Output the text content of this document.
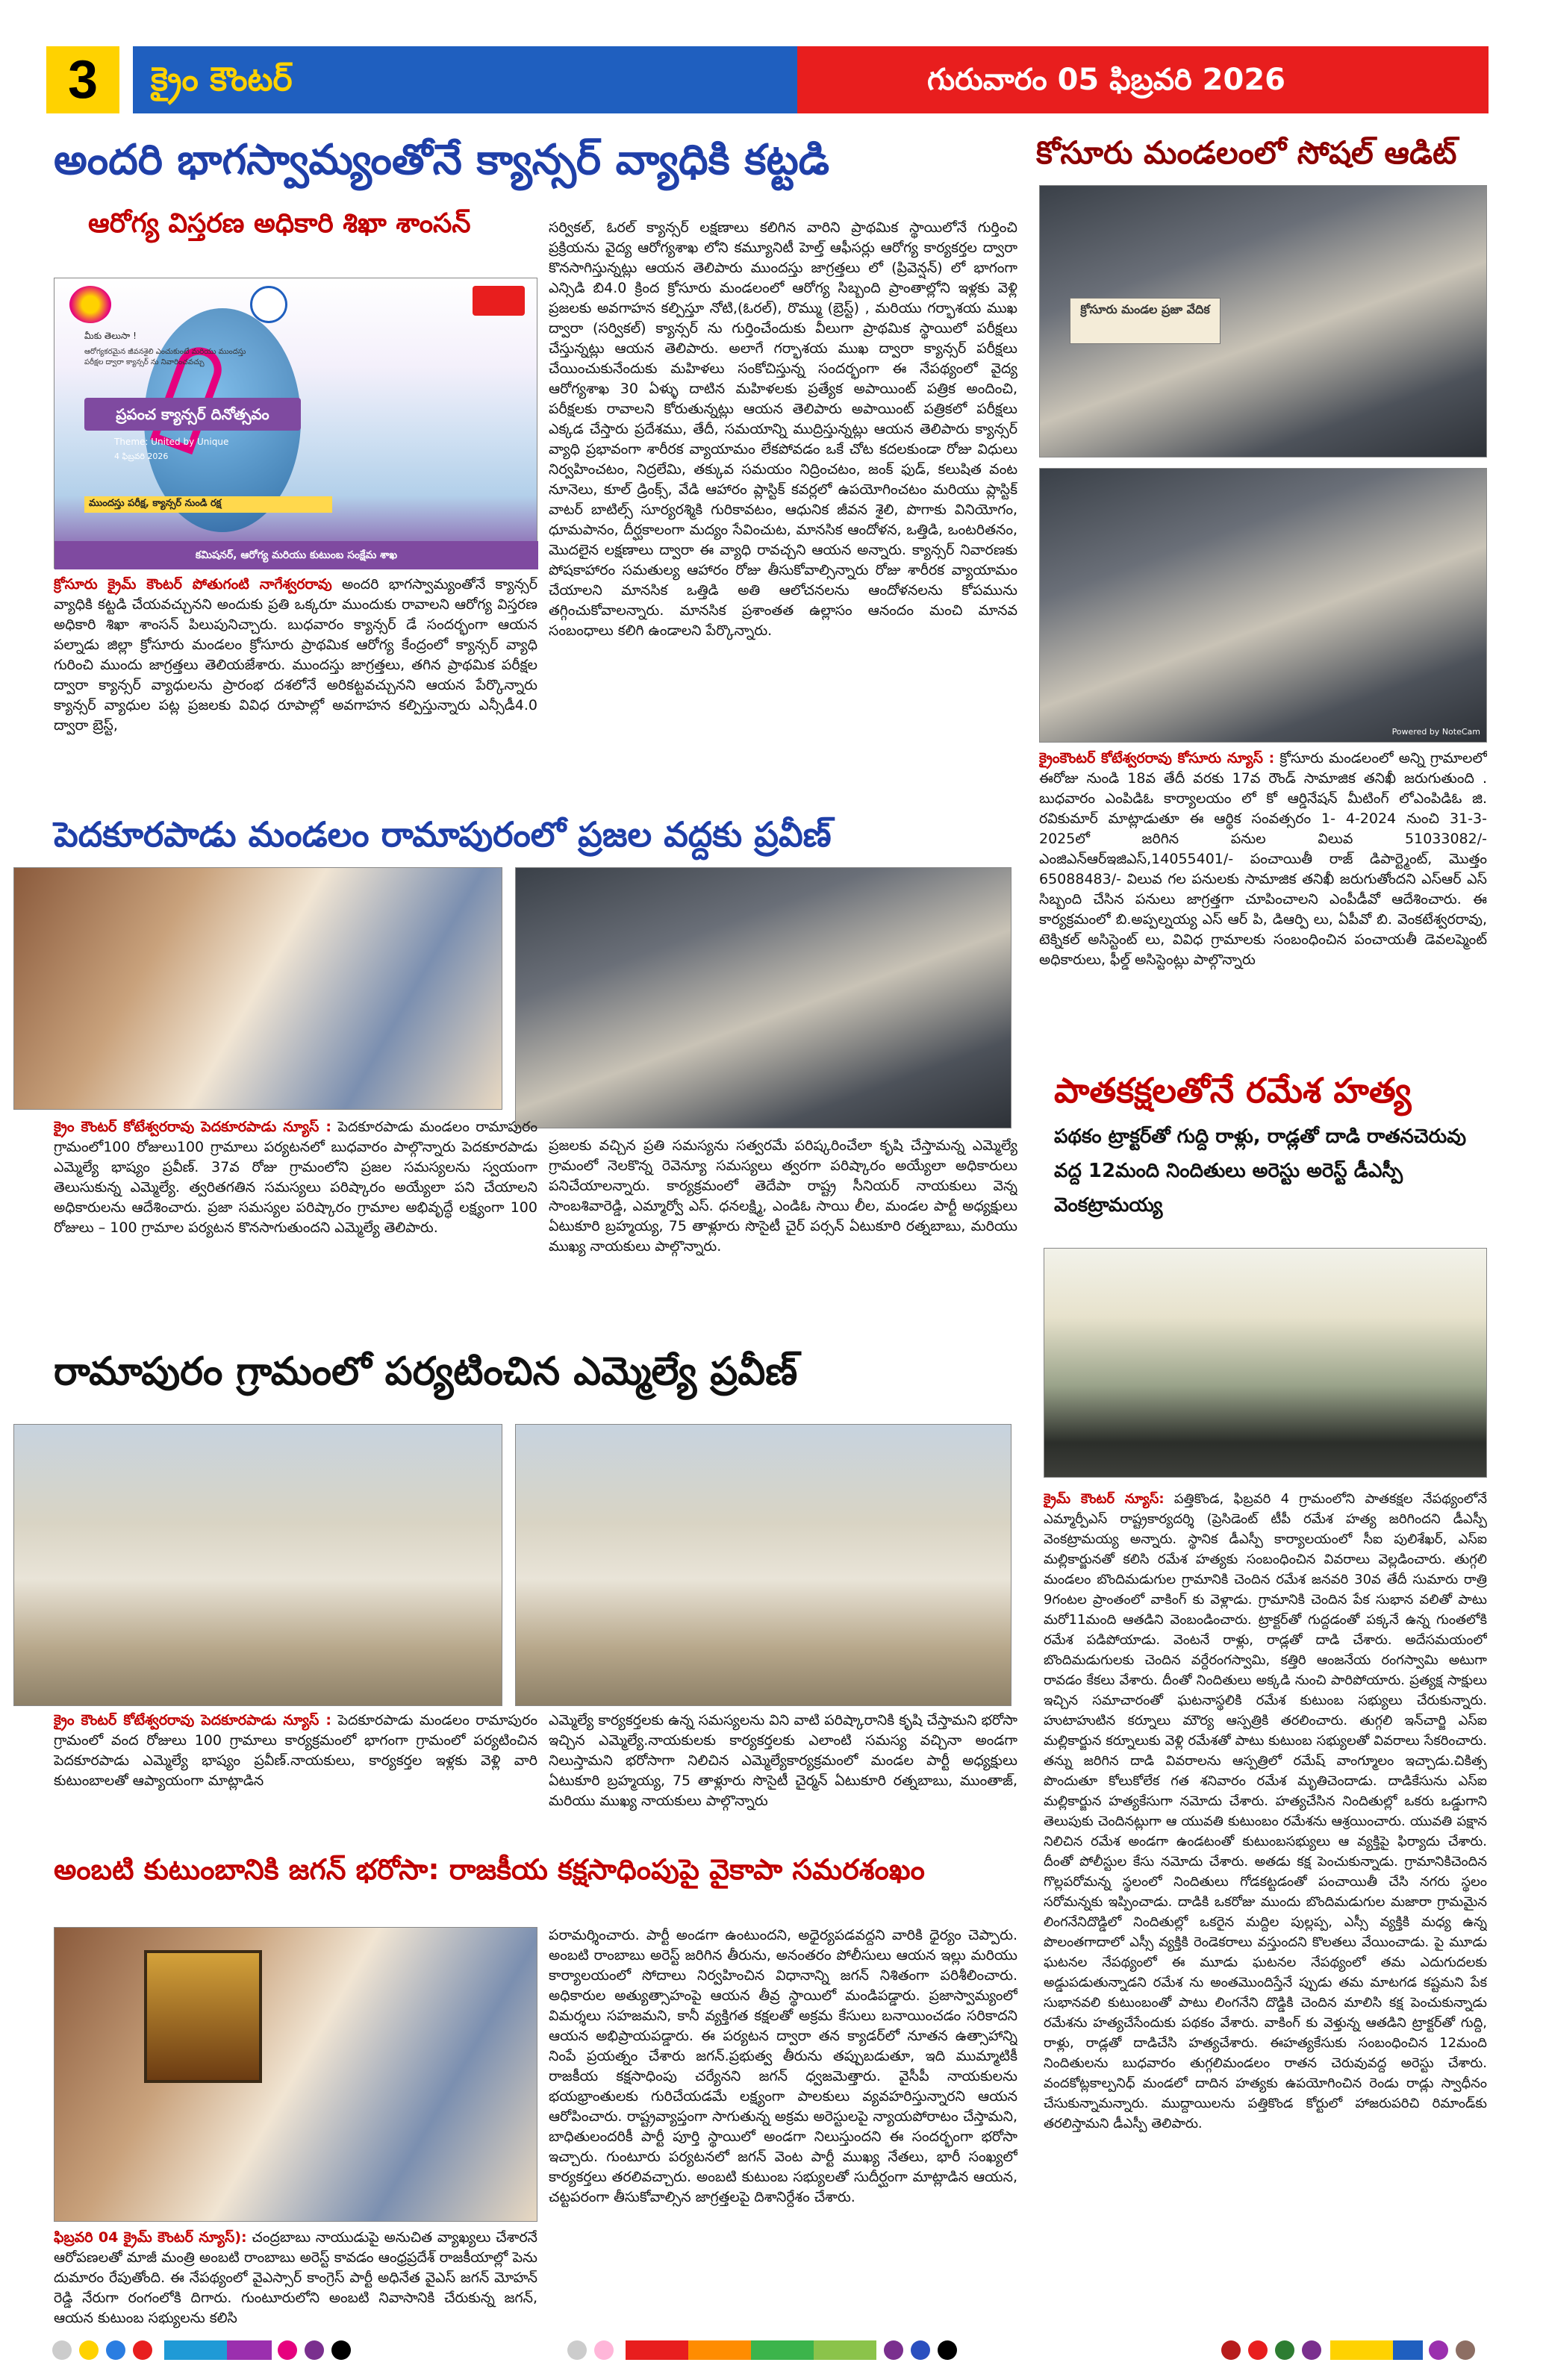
3	క్రైం కౌంటర్	గురువారం 05 ఫిబ్రవరి 2026
అందరి భాగస్వామ్యంతోనే క్యాన్సర్ వ్యాధికి కట్టడి
ఆరోగ్య విస్తరణ అధికారి శిఖా శాంసన్
మీకు తెలుసా !
ఆరోగ్యకరమైన జీవనశైలి ఎంచుకుంటే మరియు ముందస్తు పరీక్షల ద్వారా క్యాన్సర్ ను నివారించవచ్చు
ప్రపంచ క్యాన్సర్ దినోత్సవం
Theme: United by Unique
4 ఫిబ్రవరి 2026
ముందస్తు పరీక్ష, క్యాన్సర్ నుండి రక్ష
కమిషనర్, ఆరోగ్య మరియు కుటుంబ సంక్షేమ శాఖ
క్రోసూరు క్రైమ్ కౌంటర్ పోతుగంటి నాగేశ్వరరావు అందరి భాగస్వామ్యంతోనే క్యాన్సర్ వ్యాధికి కట్టడి చేయవచ్చునని అందుకు ప్రతి ఒక్కరూ ముందుకు రావాలని ఆరోగ్య విస్తరణ అధికారి శిఖా శాంసన్ పిలుపునిచ్చారు. బుధవారం క్యాన్సర్ డే సందర్భంగా ఆయన పల్నాడు జిల్లా క్రోసూరు మండలం క్రోసూరు ప్రాథమిక ఆరోగ్య కేంద్రంలో క్యాన్సర్ వ్యాధి గురించి ముందు జాగ్రత్తలు తెలియజేశారు. ముందస్తు జాగ్రత్తలు, తగిన ప్రాథమిక పరీక్షల ద్వారా క్యాన్సర్ వ్యాధులను ప్రారంభ దశలోనే అరికట్టవచ్చునని ఆయన పేర్కొన్నారు క్యాన్సర్ వ్యాధుల పట్ల ప్రజలకు వివిధ రూపాల్లో అవగాహన కల్పిస్తున్నారు ఎన్సీడీ4.0 ద్వారా బ్రెస్ట్,
సర్వికల్, ఓరల్ క్యాన్సర్ లక్షణాలు కలిగిన వారిని ప్రాథమిక స్థాయిలోనే గుర్తించి ప్రక్రియను వైద్య ఆరోగ్యశాఖ లోని కమ్యూనిటీ హెల్త్ ఆఫీసర్లు ఆరోగ్య కార్యకర్తల ద్వారా కొనసాగిస్తున్నట్లు ఆయన తెలిపారు ముందస్తు జాగ్రత్తలు లో (ప్రివెన్షన్) లో భాగంగా ఎన్సిడి బి4.0 క్రింద క్రోసూరు మండలంలో ఆరోగ్య సిబ్బంది ప్రాంతాల్లోని ఇళ్లకు వెళ్లి ప్రజలకు అవగాహన కల్పిస్తూ నోటి,(ఓరల్), రొమ్ము (బ్రెస్ట్) , మరియు గర్భాశయ ముఖ ద్వారా (సర్వికల్) క్యాన్సర్ ను గుర్తించేందుకు వీలుగా ప్రాథమిక స్థాయిలో పరీక్షలు చేస్తున్నట్లు ఆయన తెలిపారు. అలాగే గర్భాశయ ముఖ ద్వారా క్యాన్సర్ పరీక్షలు చేయించుకునేందుకు మహిళలు సంకోచిస్తున్న సందర్భంగా ఈ నేపథ్యంలో వైద్య ఆరోగ్యశాఖ 30 ఏళ్ళు దాటిన మహిళలకు ప్రత్యేక అపాయింట్ పత్రిక అందించి, పరీక్షలకు రావాలని కోరుతున్నట్లు ఆయన తెలిపారు అపాయింట్ పత్రికలో పరీక్షలు ఎక్కడ చేస్తారు ప్రదేశము, తేదీ, సమయాన్ని ముద్రిస్తున్నట్లు ఆయన తెలిపారు క్యాన్సర్ వ్యాధి ప్రభావంగా శారీరక వ్యాయామం లేకపోవడం ఒకే చోట కదలకుండా రోజు విధులు నిర్వహించటం, నిద్రలేమి, తక్కువ సమయం నిద్రించటం, జంక్ ఫుడ్, కలుషిత వంట నూనెలు, కూల్ డ్రింక్స్, వేడి ఆహారం ప్లాస్టిక్ కవర్లలో ఉపయోగించటం మరియు ప్లాస్టిక్ వాటర్ బాటిల్స్ సూర్యరశ్మికి గురికావటం, ఆధునిక జీవన శైలి, పొగాకు వినియోగం, ధూమపానం, దీర్ఘకాలంగా మద్యం సేవించుట, మానసిక ఆందోళన, ఒత్తిడి, ఒంటరితనం, మొదలైన లక్షణాలు ద్వారా ఈ వ్యాధి రావచ్చని ఆయన అన్నారు. క్యాన్సర్ నివారణకు పోషకాహారం సమతుల్య ఆహారం రోజు తీసుకోవాల్సిన్నారు రోజు శారీరక వ్యాయామం చేయాలని మానసిక ఒత్తిడి అతి ఆలోచనలను ఆందోళనలను కోపమును తగ్గించుకోవాలన్నారు. మానసిక ప్రశాంతత ఉల్లాసం ఆనందం మంచి మానవ సంబంధాలు కలిగి ఉండాలని పేర్కొన్నారు.
కోసూరు మండలంలో సోషల్ ఆడిట్
క్రోసూరు మండల ప్రజా వేదిక
Powered by NoteCam
క్రైంకౌంటర్ కోటేశ్వరరావు కోసూరు న్యూస్ : క్రోసూరు మండలంలో అన్ని గ్రామాలలో ఈరోజు నుండి 18వ తేదీ వరకు 17వ రౌండ్ సామాజిక తనిఖీ జరుగుతుంది . బుధవారం ఎంపిడిఓ కార్యాలయం లో కో ఆర్డినేషన్ మీటింగ్ లోఎంపిడిఓ జి. రవికుమార్ మాట్లాడుతూ ఈ ఆర్థిక సంవత్సరం 1- 4-2024 నుంచి 31-3-2025లో జరిగిన పనుల విలువ 51033082/- ఎంజిఎన్ఆర్ఇజిఎస్,14055401/- పంచాయితీ రాజ్ డిపార్ట్మెంట్, మొత్తం 65088483/- విలువ గల పనులకు సామాజిక తనిఖీ జరుగుతోందని ఎస్ఆర్ ఎస్ సిబ్బంది చేసిన పనులు జాగ్రత్తగా చూపించాలని ఎంపీడీవో ఆదేశించారు. ఈ కార్యక్రమంలో బి.అప్పల్నయ్య ఎస్ ఆర్ పి, డిఆర్పి లు, ఏపీవో బి. వెంకటేశ్వరరావు, టెక్నికల్ అసిస్టెంట్ లు, వివిధ గ్రామాలకు సంబంధించిన పంచాయతీ డెవలప్మెంట్ అధికారులు, ఫీల్డ్ అసిస్టెంట్లు పాల్గొన్నారు
పెదకూరపాడు మండలం రామాపురంలో ప్రజల వద్దకు ప్రవీణ్
క్రైం కౌంటర్ కోటేశ్వరరావు పెదకూరపాడు న్యూస్ : పెదకూరపాడు మండలం రామాపురం గ్రామంలో100 రోజులు100 గ్రామాలు పర్యటనలో బుధవారం పాల్గొన్నారు పెదకూరపాడు ఎమ్మెల్యే భాష్యం ప్రవీణ్. 37వ రోజు గ్రామంలోని ప్రజల సమస్యలను స్వయంగా తెలుసుకున్న ఎమ్మెల్యే. త్వరితగతిన సమస్యలు పరిష్కారం అయ్యేలా పని చేయాలని అధికారులను ఆదేశించారు. ప్రజా సమస్యల పరిష్కారం గ్రామాల అభివృద్ధే లక్ష్యంగా 100 రోజులు – 100 గ్రామాల పర్యటన కొనసాగుతుందని ఎమ్మెల్యే తెలిపారు.
ప్రజలకు వచ్చిన ప్రతి సమస్యను సత్వరమే పరిష్కరించేలా కృషి చేస్తామన్న ఎమ్మెల్యే గ్రామంలో నెలకొన్న రెవెన్యూ సమస్యలు త్వరగా పరిష్కారం అయ్యేలా అధికారులు పనిచేయాలన్నారు. కార్యక్రమంలో తెదేపా రాష్ట్ర సీనియర్ నాయకులు వెన్న సాంబశివారెడ్డి, ఎమ్మార్వో ఎస్. ధనలక్ష్మి, ఎండిఓ సాయి లీల, మండల పార్టీ అధ్యక్షులు ఏటుకూరి బ్రహ్మయ్య, 75 తాళ్లూరు సొసైటీ చైర్ పర్సన్ ఏటుకూరి రత్నబాబు, మరియు ముఖ్య నాయకులు పాల్గొన్నారు.
పాతకక్షలతోనే రమేశ హత్య
పథకం ట్రాక్టర్‌తో గుద్ది రాళ్లు, రాడ్లతో దాడి రాతనచెరువు వద్ద 12మంది నిందితులు అరెస్టు అరెస్ట్ డీఎస్పీ వెంకట్రామయ్య
క్రైమ్ కౌంటర్ న్యూస్: పత్తికొండ, ఫిబ్రవరి 4 గ్రామంలోని పాతకక్షల నేపథ్యంలోనే ఎమ్మార్పీఎస్ రాష్ట్రకార్యదర్శి (ప్రెసిడెంట్ టీపీ రమేశ హత్య జరిగిందని డీఎస్పీ వెంకట్రామయ్య అన్నారు. స్థానిక డీఎస్పీ కార్యాలయంలో సీఐ పులిశేఖర్, ఎస్ఐ మల్లికార్జునతో కలిసి రమేశ హత్యకు సంబంధించిన వివరాలు వెల్లడించారు. తుగ్గలి మండలం బొందిమడుగుల గ్రామానికి చెందిన రమేశ జనవరి 30వ తేదీ సుమారు రాత్రి 9గంటల ప్రాంతంలో వాకింగ్ కు వెళ్లాడు. గ్రామానికి చెందిన పేక సుభాన వలితో పాటు మరో11మంది ఆతడిని వెంబండించారు. ట్రాక్టర్‌తో గుద్దడంతో పక్కనే ఉన్న గుంతలోకి రమేశ పడిపోయాడు. వెంటనే రాళ్లు, రాడ్లతో దాడి చేశారు. అదేసమయంలో బొందిమడుగులకు చెందిన వర్దేరంగస్వామి, కత్తిరి ఆంజనేయ రంగస్వామి అటుగా రావడం కేకలు వేశారు. దీంతో నిందితులు అక్కడి నుంచి పారిపోయారు. ప్రత్యక్ష సాక్షులు ఇచ్చిన సమాచారంతో ఘటనాస్థలికి రమేశ కుటుంబ సభ్యులు చేరుకున్నారు. హుటాహుటిన కర్నూలు మౌర్య ఆస్పత్రికి తరలించారు. తుగ్గలి ఇన్‌చార్జి ఎస్ఐ మల్లికార్జున కర్నూలుకు వెళ్లి రమేశతో పాటు కుటుంబ సభ్యులతో వివరాలు సేకరించారు. తన్ను జరిగిన దాడి వివరాలను ఆస్పత్రిలో రమేష్ వాంగ్మూలం ఇచ్చాడు.చికిత్స పొందుతూ కోలుకోలేక గత శనివారం రమేశ మృతిచెందాడు. దాడికేసును ఎస్ఐ మల్లికార్జున హత్యకేసుగా నమోదు చేశారు. హత్యచేసిన నిందితుల్లో ఒకరు ఒడ్డుగాని తెలుపుకు చెందినట్లుగా ఆ యువతి కుటుంబం రమేశను ఆశ్రయించారు. యువతి పక్షాన నిలిచిన రమేశ అండగా ఉండటంతో కుటుంబసభ్యులు ఆ వ్యక్తిపై ఫిర్యాదు చేశారు. దీంతో పోలీస్టుల కేసు నమోదు చేశారు. అతడు కక్ష పెంచుకున్నాడు. గ్రామానికిచెందిన గొల్లపరోమన్న స్థలంలో నిందితులు గోడకట్టడంతో పంచాయితీ చేసి నగరు స్థలం సరోమన్నకు ఇప్పించాడు. దాడికి ఒకరోజు ముందు బొందిమడుగుల మజారా గ్రామమైన లింగనేనిదొడ్డిలో నిందితుల్లో ఒకరైన మద్దిల పుల్లప్ప, ఎస్సీ వ్యక్తికి మధ్య ఉన్న పొలంతగాదాలో ఎస్సీ వ్యక్తికి రెండెకరాలు వస్తుందని కొలతలు వేయించాడు. పై మూడు ఘటనల నేపథ్యంలో ఈ మూడు ఘటనల నేపథ్యంలో తమ ఎదుగుదలకు అడ్డుపడుతున్నాడని రమేశ ను అంతమొందిస్తేనే ప్పుడు తమ మాటగడ కష్టమని పేక సుభానవలి కుటుంబంతో పాటు లింగనేని దొడ్డికి చెందిన మాలిసి కక్ష పెంచుకున్నాడు రమేశను హత్యచేసేందుకు పథకం వేశారు. వాకింగ్ కు వెళ్తున్న ఆతడిని ట్రాక్టర్‌తో గుద్ది, రాళ్లు, రాడ్లతో దాడిచేసి హత్యచేశారు. ఈహత్యకేసుకు సంబంధించిన 12మంది నిందితులను బుధవారం తుగ్గలిమండలం రాతన చెరువువద్ద అరెస్టు చేశారు. వందకోట్లకాల్పనిధ్ మండలో దాదిన హత్యకు ఉపయోగించిన రెండు రాడ్లు స్వాధీనం చేసుకున్నామన్నారు. ముద్దాయిలను పత్తికొండ కోర్టులో హాజరుపరిచి రిమాండ్‌కు తరలిస్తామని డీఎస్పీ తెలిపారు.
రామాపురం గ్రామంలో పర్యటించిన ఎమ్మెల్యే ప్రవీణ్
క్రైం కౌంటర్ కోటేశ్వరరావు పెదకూరపాడు న్యూస్ : పెదకూరపాడు మండలం రామాపురం గ్రామంలో వంద రోజులు 100 గ్రామాలు కార్యక్రమంలో భాగంగా గ్రామంలో పర్యటించిన పెదకూరపాడు ఎమ్మెల్యే భాష్యం ప్రవీణ్.నాయకులు, కార్యకర్తల ఇళ్లకు వెళ్లి వారి కుటుంబాలతో ఆప్యాయంగా మాట్లాడిన
ఎమ్మెల్యే కార్యకర్తలకు ఉన్న సమస్యలను విని వాటి పరిష్కారానికి కృషి చేస్తామని భరోసా ఇచ్చిన ఎమ్మెల్యే.నాయకులకు కార్యకర్తలకు ఎలాంటి సమస్య వచ్చినా అండగా నిలుస్తామని భరోసాగా నిలిచిన ఎమ్మెల్యేకార్యక్రమంలో మండల పార్టీ అధ్యక్షులు ఏటుకూరి బ్రహ్మయ్య, 75 తాళ్లూరు సొసైటీ చైర్మన్ ఏటుకూరి రత్నబాబు, ముంతాజ్, మరియు ముఖ్య నాయకులు పాల్గొన్నారు
అంబటి కుటుంబానికి జగన్ భరోసా: రాజకీయ కక్షసాధింపుపై వైకాపా సమరశంఖం
ఫిబ్రవరి 04 క్రైమ్ కౌంటర్ న్యూస్): చంద్రబాబు నాయుడుపై అనుచిత వ్యాఖ్యలు చేశారనే ఆరోపణలతో మాజీ మంత్రి అంబటి రాంబాబు అరెస్ట్ కావడం ఆంధ్రప్రదేశ్ రాజకీయాల్లో పెను దుమారం రేపుతోంది. ఈ నేపథ్యంలో వైఎస్సార్ కాంగ్రెస్ పార్టీ అధినేత వైఎస్ జగన్ మోహన్ రెడ్డి నేరుగా రంగంలోకి దిగారు. గుంటూరులోని అంబటి నివాసానికి చేరుకున్న జగన్, ఆయన కుటుంబ సభ్యులను కలిసి
పరామర్శించారు. పార్టీ అండగా ఉంటుందని, అధైర్యపడవద్దని వారికి ధైర్యం చెప్పారు. అంబటి రాంబాబు అరెస్ట్ జరిగిన తీరును, అనంతరం పోలీసులు ఆయన ఇల్లు మరియు కార్యాలయంలో సోదాలు నిర్వహించిన విధానాన్ని జగన్ నిశితంగా పరిశీలించారు. అధికారుల అత్యుత్సాహంపై ఆయన తీవ్ర స్థాయిలో మండిపడ్డారు. ప్రజాస్వామ్యంలో విమర్శలు సహజమని, కానీ వ్యక్తిగత కక్షలతో అక్రమ కేసులు బనాయించడం సరికాదని ఆయన అభిప్రాయపడ్డారు. ఈ పర్యటన ద్వారా తన క్యాడర్‌లో నూతన ఉత్సాహాన్ని నింపే ప్రయత్నం చేశారు జగన్.ప్రభుత్వ తీరును తప్పుబడుతూ, ఇది ముమ్మాటికీ రాజకీయ కక్షసాధింపు చర్యేనని జగన్ ధ్వజమెత్తారు. వైసీపీ నాయకులను భయభ్రాంతులకు గురిచేయడమే లక్ష్యంగా పాలకులు వ్యవహరిస్తున్నారని ఆయన ఆరోపించారు. రాష్ట్రవ్యాప్తంగా సాగుతున్న అక్రమ అరెస్టులపై న్యాయపోరాటం చేస్తామని, బాధితులందరికీ పార్టీ పూర్తి స్థాయిలో అండగా నిలుస్తుందని ఈ సందర్భంగా భరోసా ఇచ్చారు. గుంటూరు పర్యటనలో జగన్ వెంట పార్టీ ముఖ్య నేతలు, భారీ సంఖ్యలో కార్యకర్తలు తరలివచ్చారు. అంబటి కుటుంబ సభ్యులతో సుదీర్ఘంగా మాట్లాడిన ఆయన, చట్టపరంగా తీసుకోవాల్సిన జాగ్రత్తలపై దిశానిర్దేశం చేశారు.
